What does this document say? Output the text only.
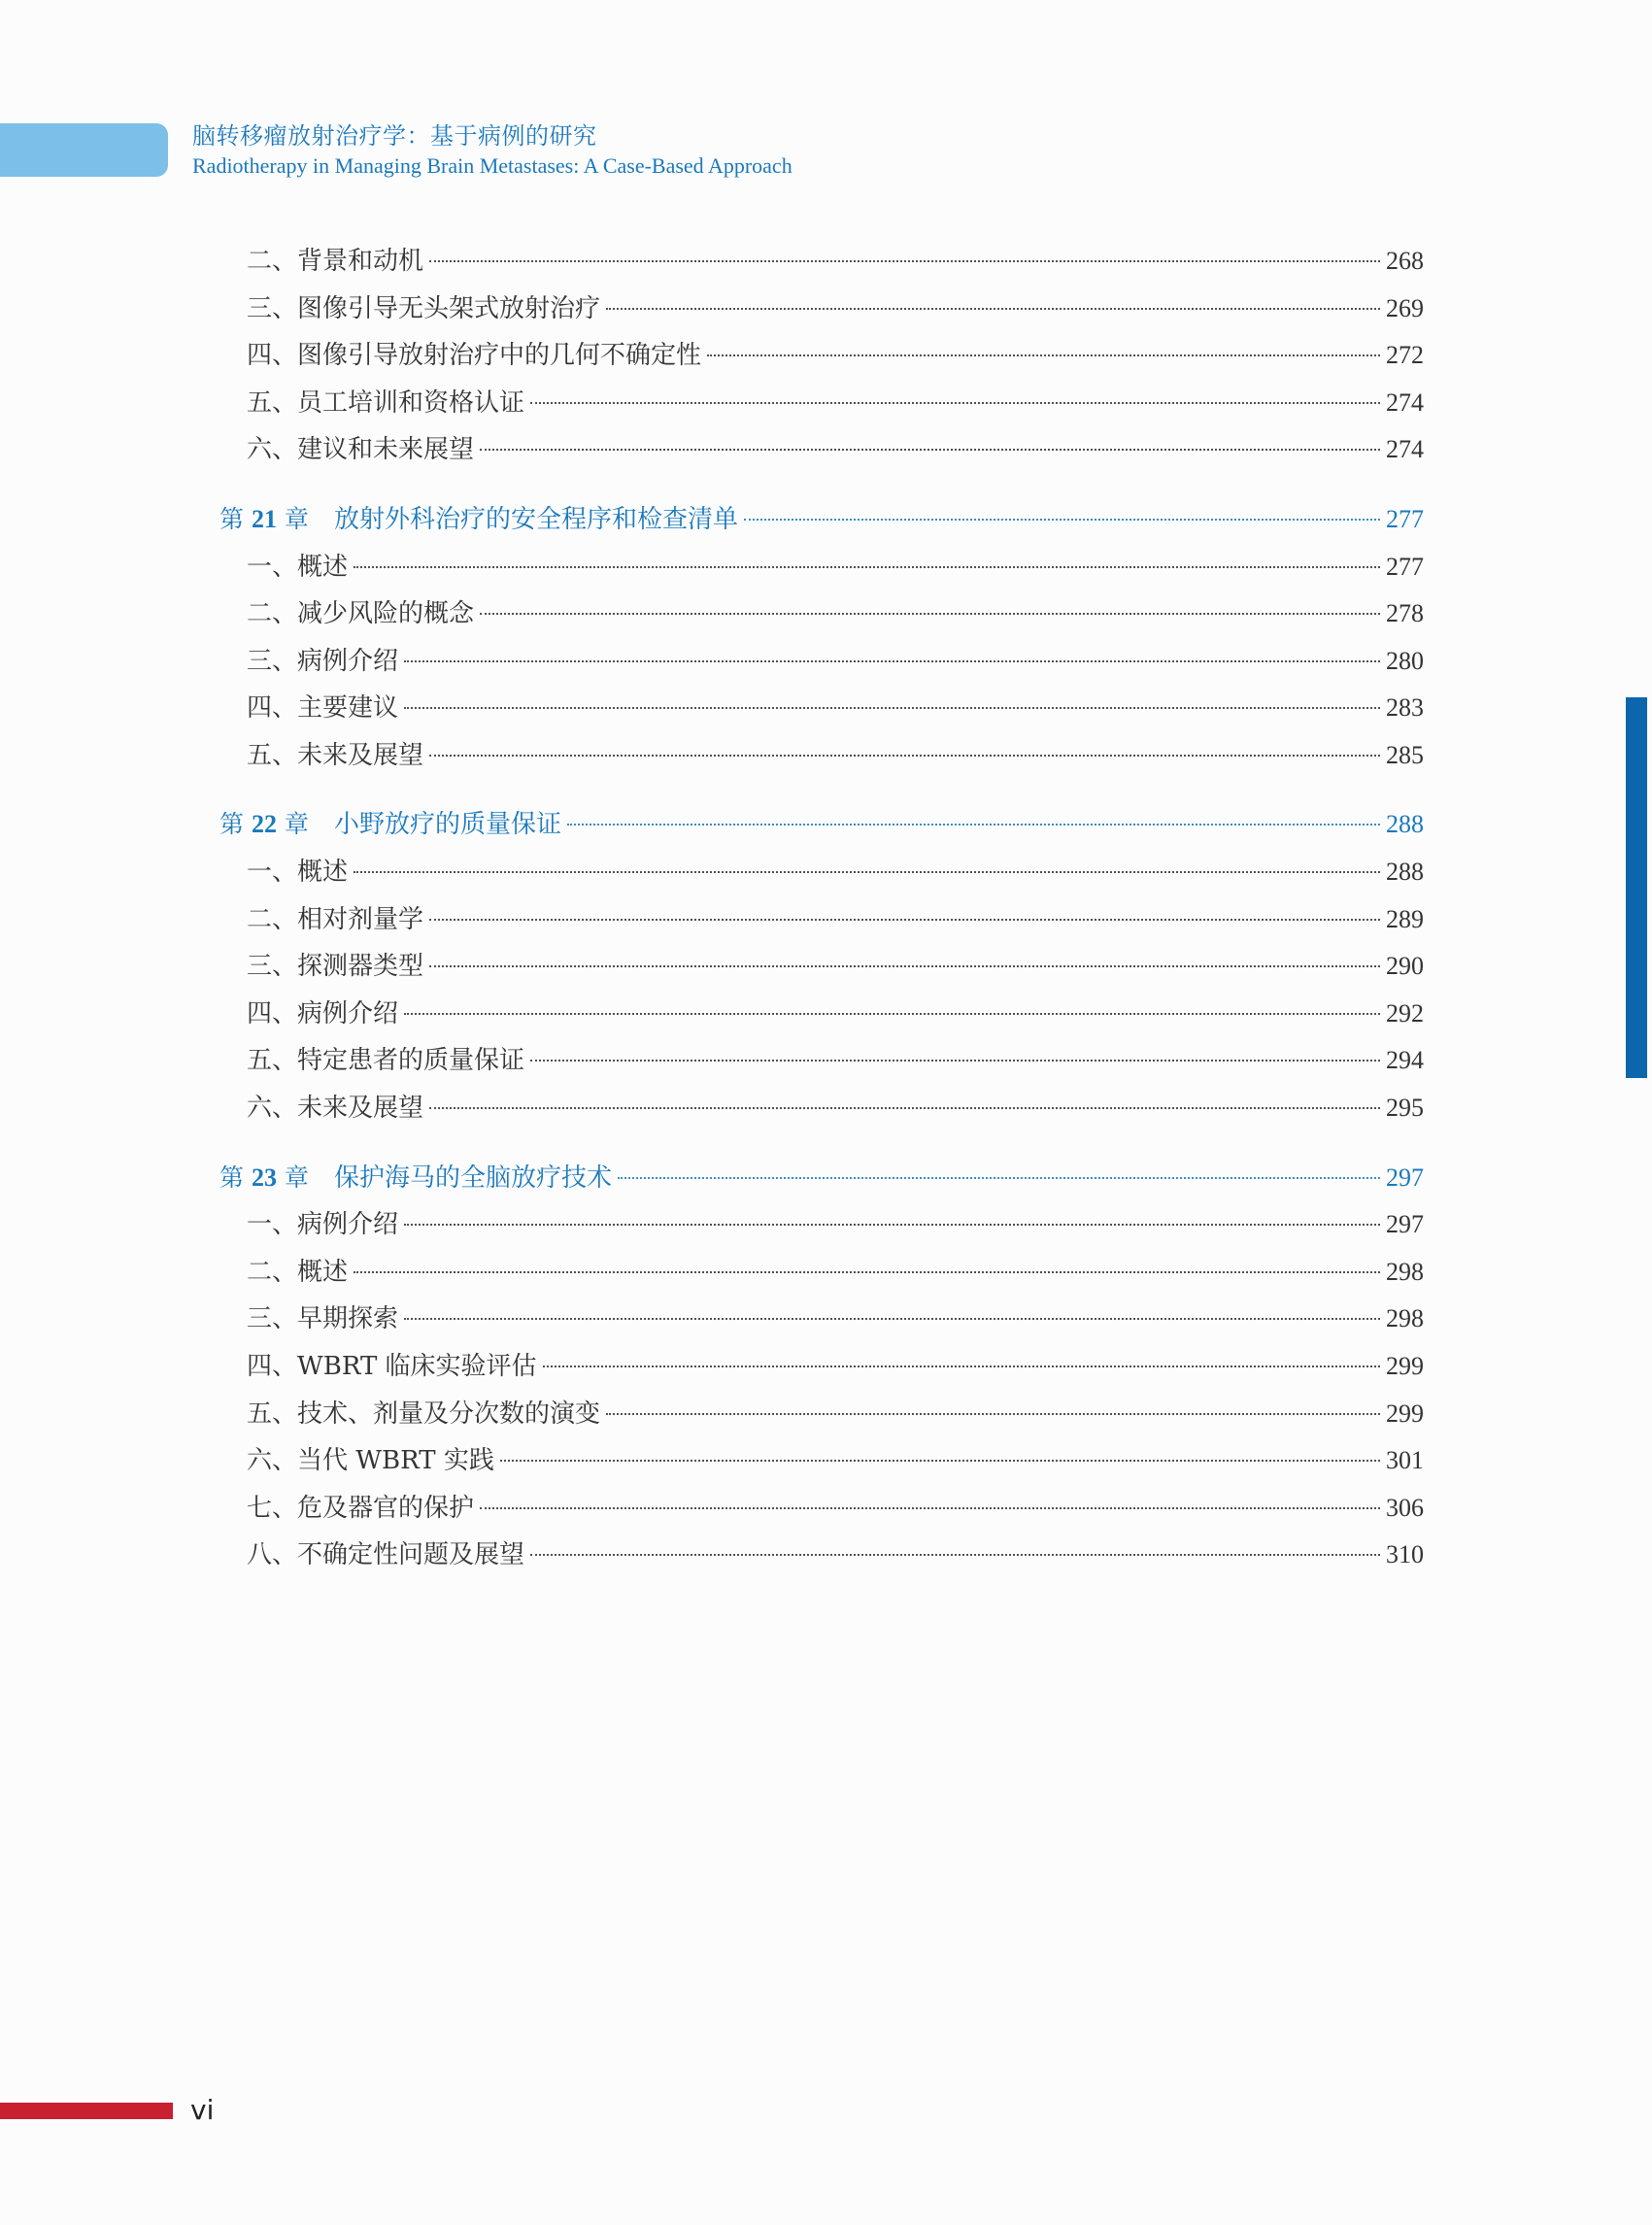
脑转移瘤放射治疗学：基于病例的研究
Radiotherapy in Managing Brain Metastases: A Case-Based Approach
二、背景和动机	268
三、图像引导无头架式放射治疗	269
四、图像引导放射治疗中的几何不确定性	272
五、员工培训和资格认证	274
六、建议和未来展望	274
第 21 章 放射外科治疗的安全程序和检查清单	277
一、概述	277
二、减少风险的概念	278
三、病例介绍	280
四、主要建议	283
五、未来及展望	285
第 22 章 小野放疗的质量保证	288
一、概述	288
二、相对剂量学	289
三、探测器类型	290
四、病例介绍	292
五、特定患者的质量保证	294
六、未来及展望	295
第 23 章 保护海马的全脑放疗技术	297
一、病例介绍	297
二、概述	298
三、早期探索	298
四、WBRT 临床实验评估	299
五、技术、剂量及分次数的演变	299
六、当代 WBRT 实践	301
七、危及器官的保护	306
八、不确定性问题及展望	310
vi
